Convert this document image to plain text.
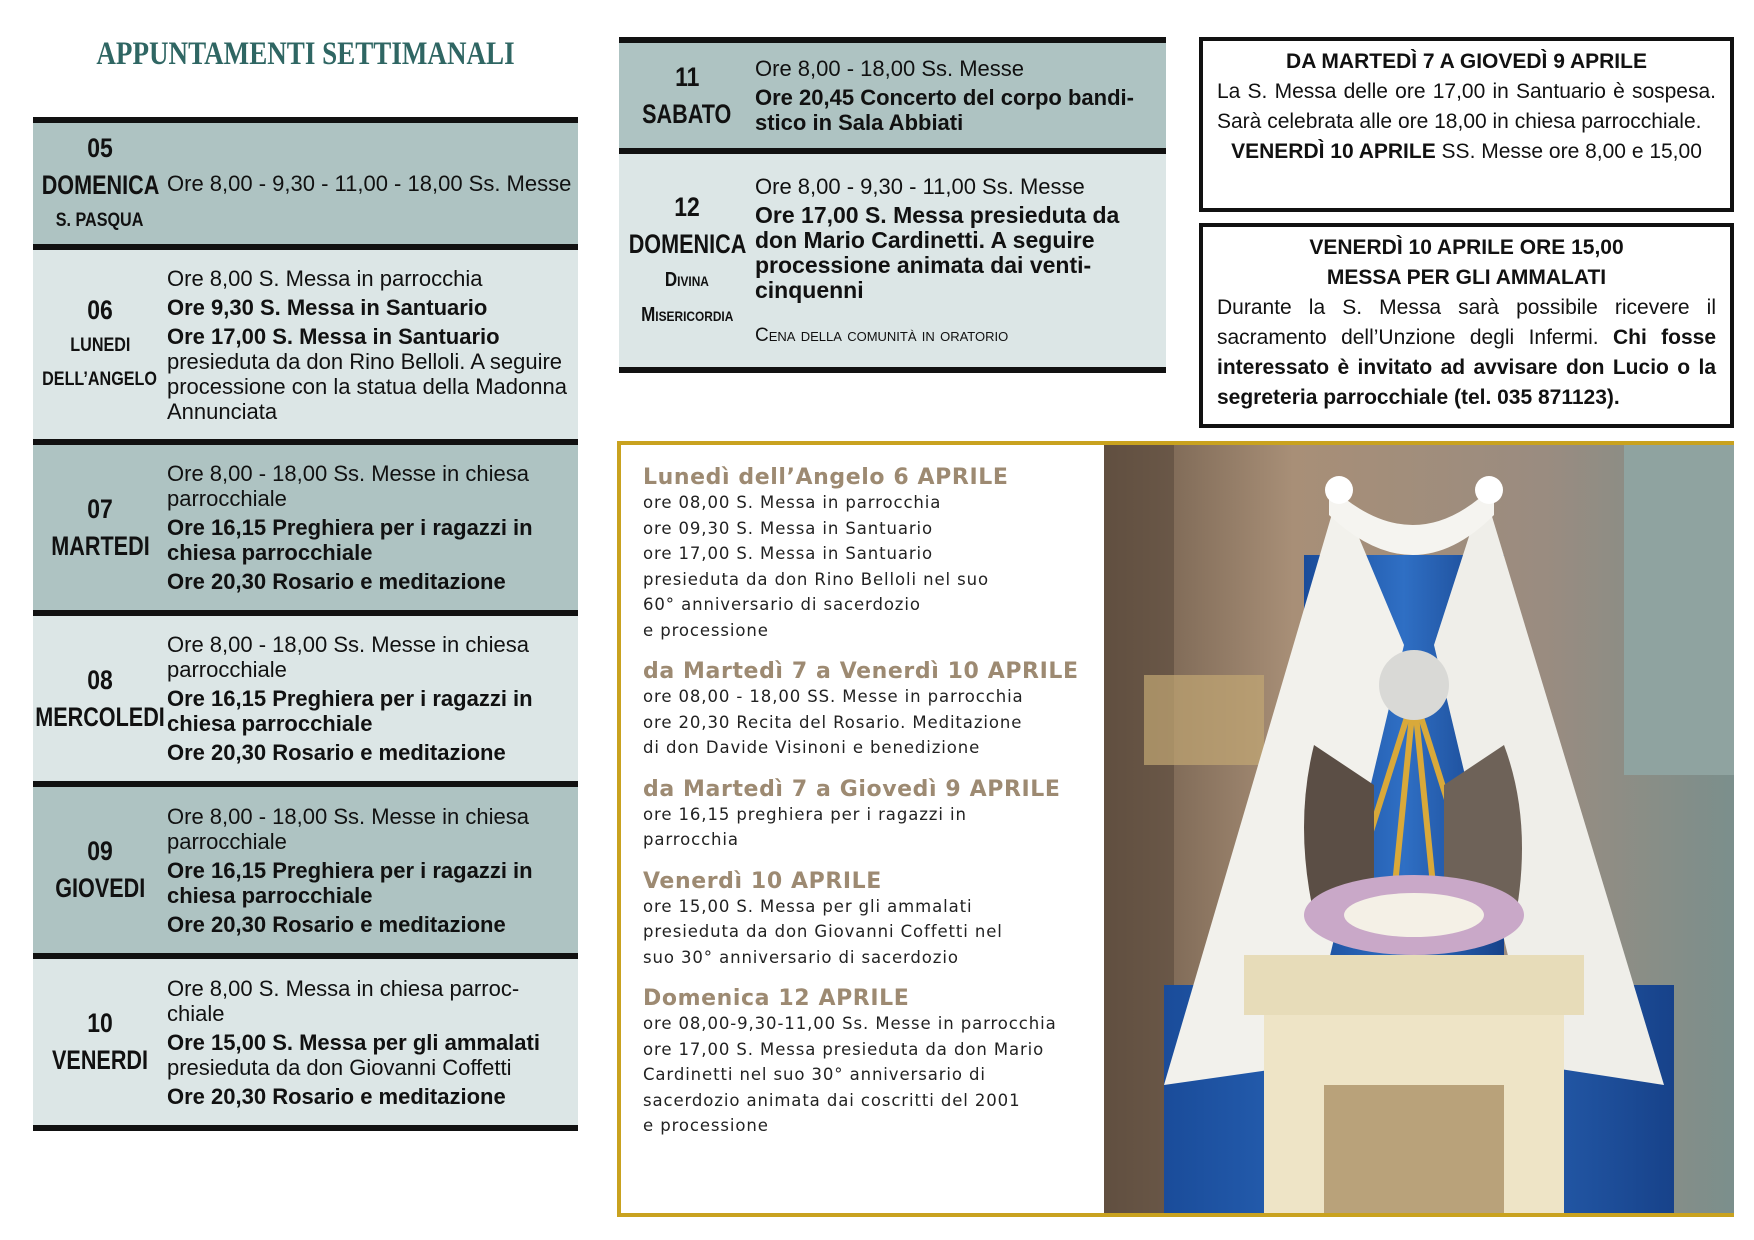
APPUNTAMENTI SETTIMANALI
05
DOMENICA
S. PASQUA
Ore 8,00 - 9,30 - 11,00 - 18,00 Ss. Messe
06
LUNEDI
DELL’ANGELO
Ore 8,00 S. Messa in parrocchia
Ore 9,30 S. Messa in Santuario
Ore 17,00 S. Messa in Santuario presieduta da don Rino Belloli. A seguire processione con la statua della Madonna Annunciata
07
MARTEDI
Ore 8,00 - 18,00 Ss. Messe in chiesa parrocchiale
Ore 16,15 Preghiera per i ragazzi in chiesa parrocchiale
Ore 20,30 Rosario e meditazione
08
MERCOLEDI
Ore 8,00 - 18,00 Ss. Messe in chiesa parrocchiale
Ore 16,15 Preghiera per i ragazzi in chiesa parrocchiale
Ore 20,30 Rosario e meditazione
09
GIOVEDI
Ore 8,00 - 18,00 Ss. Messe in chiesa parrocchiale
Ore 16,15 Preghiera per i ragazzi in chiesa parrocchiale
Ore 20,30 Rosario e meditazione
10
VENERDI
Ore 8,00 S. Messa in chiesa parroc-chiale
Ore 15,00 S. Messa per gli ammalati presieduta da don Giovanni Coffetti
Ore 20,30 Rosario e meditazione
11
SABATO
Ore 8,00 - 18,00 Ss. Messe
Ore 20,45 Concerto del corpo bandi-stico in Sala Abbiati
12
DOMENICA
Divina
Misericordia
Ore 8,00 - 9,30 - 11,00 Ss. Messe
Ore 17,00 S. Messa presieduta da don Mario Cardinetti. A seguire processione animata dai venti-cinquenni
Cena della comunità in oratorio
DA MARTEDÌ 7 A GIOVEDÌ 9 APRILE
La S. Messa delle ore 17,00 in Santuario è sospesa. Sarà celebrata alle ore 18,00 in chiesa parrocchiale.
VENERDÌ 10 APRILE SS. Messe ore 8,00 e 15,00
VENERDÌ 10 APRILE ORE 15,00
MESSA PER GLI AMMALATI
Durante la S. Messa sarà possibile ricevere il sacramento dell’Unzione degli Infermi. Chi fosse interessato è invitato ad avvisare don Lucio o la segreteria parrocchiale (tel. 035 871123).
Lunedì dell’Angelo 6 APRILE
ore 08,00 S. Messa in parrocchia
ore 09,30 S. Messa in Santuario
ore 17,00 S. Messa in Santuario
presieduta da don Rino Belloli nel suo
60° anniversario di sacerdozio
e processione
da Martedì 7 a Venerdì 10 APRILE
ore 08,00 - 18,00 SS. Messe in parrocchia
ore 20,30 Recita del Rosario. Meditazione
di don Davide Visinoni e benedizione
da Martedì 7 a Giovedì 9 APRILE
ore 16,15 preghiera per i ragazzi in
parrocchia
Venerdì 10 APRILE
ore 15,00 S. Messa per gli ammalati
presieduta da don Giovanni Coffetti nel
suo 30° anniversario di sacerdozio
Domenica 12 APRILE
ore 08,00-9,30-11,00 Ss. Messe in parrocchia
ore 17,00 S. Messa presieduta da don Mario
Cardinetti nel suo 30° anniversario di
sacerdozio animata dai coscritti del 2001
e processione
